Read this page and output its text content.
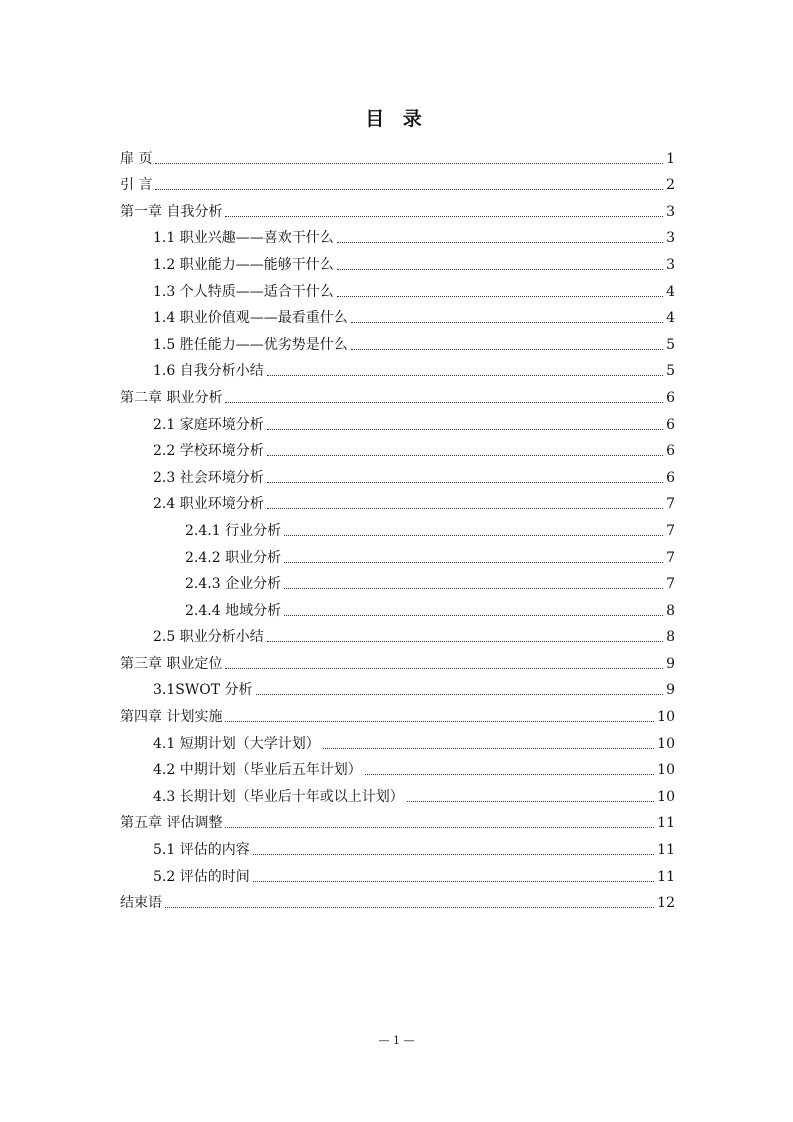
目 录
扉 页	1
引 言	2
第一章 自我分析	3
1.1 职业兴趣——喜欢干什么	3
1.2 职业能力——能够干什么	3
1.3 个人特质——适合干什么	4
1.4 职业价值观——最看重什么	4
1.5 胜任能力——优劣势是什么	5
1.6 自我分析小结	5
第二章 职业分析	6
2.1 家庭环境分析	6
2.2 学校环境分析	6
2.3 社会环境分析	6
2.4 职业环境分析	7
2.4.1 行业分析	7
2.4.2 职业分析	7
2.4.3 企业分析	7
2.4.4 地域分析	8
2.5 职业分析小结	8
第三章 职业定位	9
3.1SWOT 分析	9
第四章 计划实施	10
4.1 短期计划（大学计划）	10
4.2 中期计划（毕业后五年计划）	10
4.3 长期计划（毕业后十年或以上计划）	10
第五章 评估调整	11
5.1 评估的内容	11
5.2 评估的时间	11
结束语	12
— 1 —
